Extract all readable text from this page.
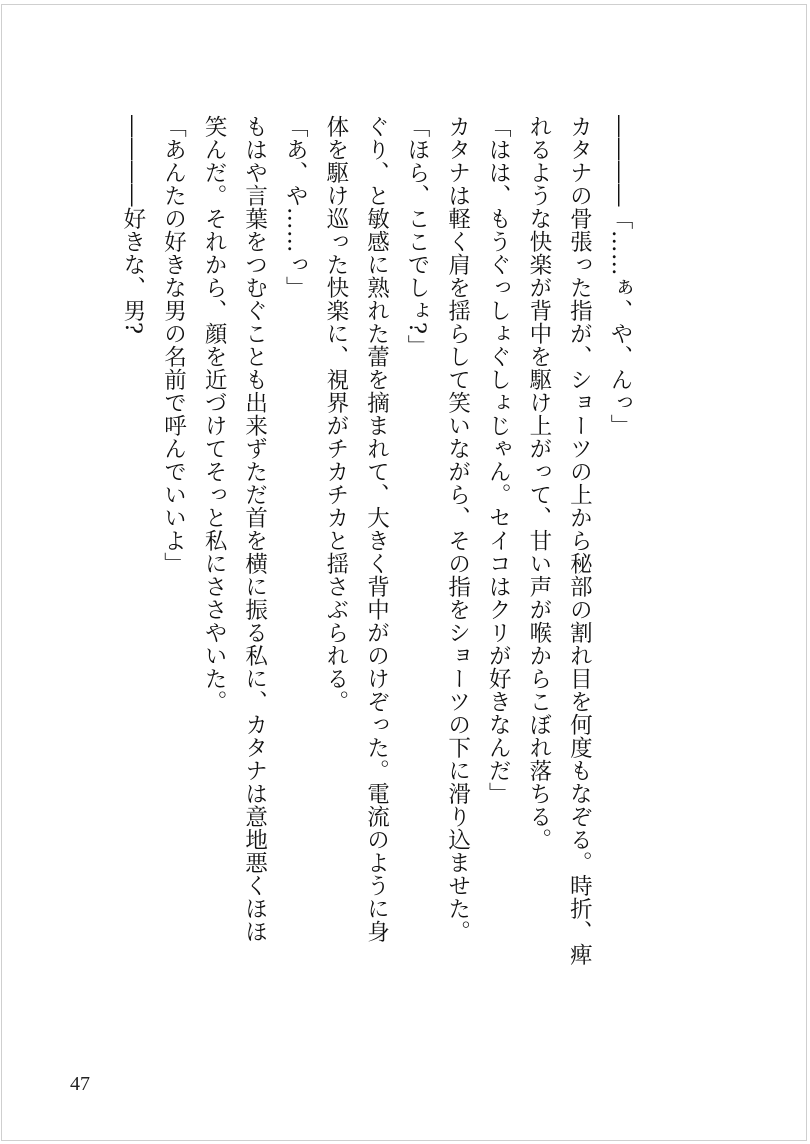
――――「……ぁ、や、んっ」
カタナの骨張った指が、ショーツの上から秘部の割れ目を何度もなぞる。時折、痺
れるような快楽が背中を駆け上がって、甘い声が喉からこぼれ落ちる。
「はは、もうぐっしょぐしょじゃん。セイコはクリが好きなんだ」
カタナは軽く肩を揺らして笑いながら、その指をショーツの下に滑り込ませた。
「ほら、ここでしょ?」
ぐり、と敏感に熟れた蕾を摘まれて、大きく背中がのけぞった。電流のように身
体を駆け巡った快楽に、視界がチカチカと揺さぶられる。
「あ、や……っ」
もはや言葉をつむぐことも出来ずただ首を横に振る私に、カタナは意地悪くほほ
笑んだ。それから、顔を近づけてそっと私にささやいた。
「あんたの好きな男の名前で呼んでいいよ」
――――好きな、男?
47
